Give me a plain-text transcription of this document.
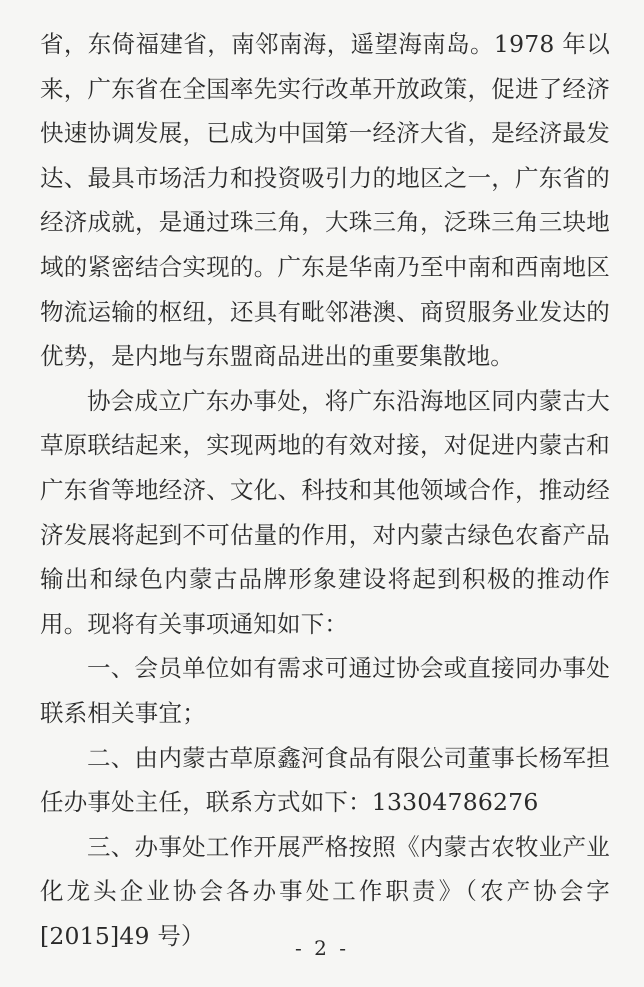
省，东倚福建省，南邻南海，遥望海南岛。1978 年以来，广东省在全国率先实行改革开放政策，促进了经济快速协调发展，已成为中国第一经济大省，是经济最发达、最具市场活力和投资吸引力的地区之一，广东省的经济成就，是通过珠三角，大珠三角，泛珠三角三块地域的紧密结合实现的。广东是华南乃至中南和西南地区物流运输的枢纽，还具有毗邻港澳、商贸服务业发达的优势，是内地与东盟商品进出的重要集散地。

协会成立广东办事处，将广东沿海地区同内蒙古大草原联结起来，实现两地的有效对接，对促进内蒙古和广东省等地经济、文化、科技和其他领域合作，推动经济发展将起到不可估量的作用，对内蒙古绿色农畜产品输出和绿色内蒙古品牌形象建设将起到积极的推动作用。现将有关事项通知如下：

一、会员单位如有需求可通过协会或直接同办事处联系相关事宜；

二、由内蒙古草原鑫河食品有限公司董事长杨军担任办事处主任，联系方式如下：13304786276

三、办事处工作开展严格按照《内蒙古农牧业产业化龙头企业协会各办事处工作职责》（农产协会字[2015]49 号）	- 2 -
